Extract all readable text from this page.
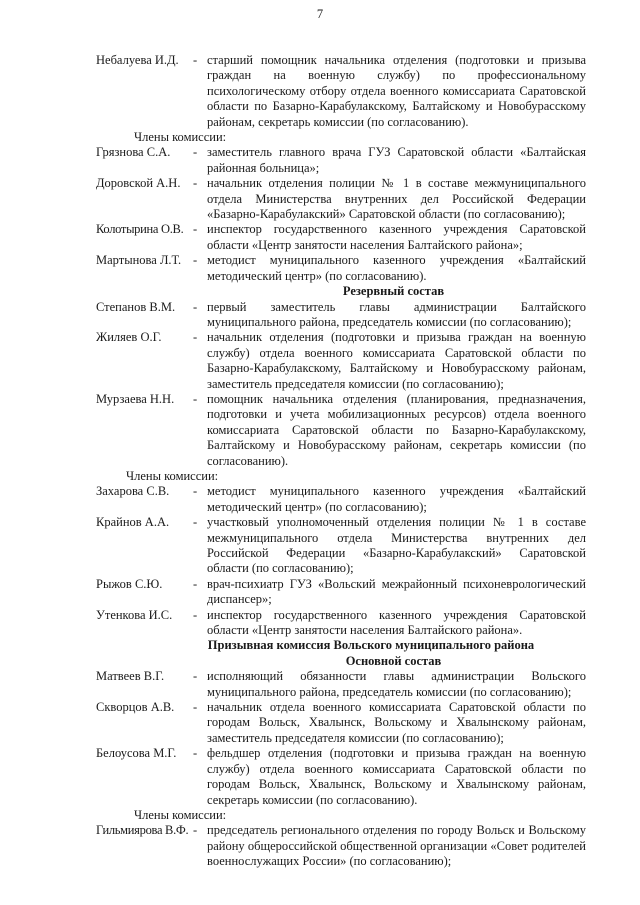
7
Небалуева И.Д.	- старший помощник начальника отделения (подготовки и призыва граждан на военную службу) по профессиональному психологическому отбору отдела военного комиссариата Саратовской области по Базарно-Карабулакскому, Балтайскому и Новобурасскому районам, секретарь комиссии (по согласованию).
Члены комиссии:
Грязнова С.А.	- заместитель главного врача ГУЗ Саратовской области «Балтайская районная больница»;
Доровской А.Н.	- начальник отделения полиции № 1 в составе межмуниципального отдела Министерства внутренних дел Российской Федерации «Базарно-Карабулакский» Саратовской области (по согласованию);
Колотырина О.В. - инспектор государственного казенного учреждения Саратовской области «Центр занятости населения Балтайского района»;
Мартынова Л.Т. - методист муниципального казенного учреждения «Балтайский методический центр» (по согласованию).
Резервный состав
Степанов В.М.	- первый заместитель главы администрации Балтайского муниципального района, председатель комиссии (по согласованию);
Жиляев О.Г.	- начальник отделения (подготовки и призыва граждан на военную службу) отдела военного комиссариата Саратовской области по Базарно-Карабулакскому, Балтайскому и Новобурасскому районам, заместитель председателя комиссии (по согласованию);
Мурзаева Н.Н.	- помощник начальника отделения (планирования, предназначения, подготовки и учета мобилизационных ресурсов) отдела военного комиссариата Саратовской области по Базарно-Карабулакскому, Балтайскому и Новобурасскому районам, секретарь комиссии (по согласованию).
Члены комиссии:
Захарова С.В.	- методист муниципального казенного учреждения «Балтайский методический центр» (по согласованию);
Крайнов А.А.	- участковый уполномоченный отделения полиции № 1 в составе межмуниципального отдела Министерства внутренних дел Российской Федерации «Базарно-Карабулакский» Саратовской области (по согласованию);
Рыжов С.Ю.	- врач-психиатр ГУЗ «Вольский межрайонный психоневрологический диспансер»;
Утенкова И.С.	- инспектор государственного казенного учреждения Саратовской области «Центр занятости населения Балтайского района».
Призывная комиссия Вольского муниципального района
Основной состав
Матвеев В.Г.	- исполняющий обязанности главы администрации Вольского муниципального района, председатель комиссии (по согласованию);
Скворцов А.В.	- начальник отдела военного комиссариата Саратовской области по городам Вольск, Хвалынск, Вольскому и Хвалынскому районам, заместитель председателя комиссии (по согласованию);
Белоусова М.Г.	- фельдшер отделения (подготовки и призыва граждан на военную службу) отдела военного комиссариата Саратовской области по городам Вольск, Хвалынск, Вольскому и Хвалынскому районам, секретарь комиссии (по согласованию).
Члены комиссии:
Гильмиярова В.Ф. - председатель регионального отделения по городу Вольск и Вольскому району общероссийской общественной организации «Совет родителей военнослужащих России» (по согласованию);
